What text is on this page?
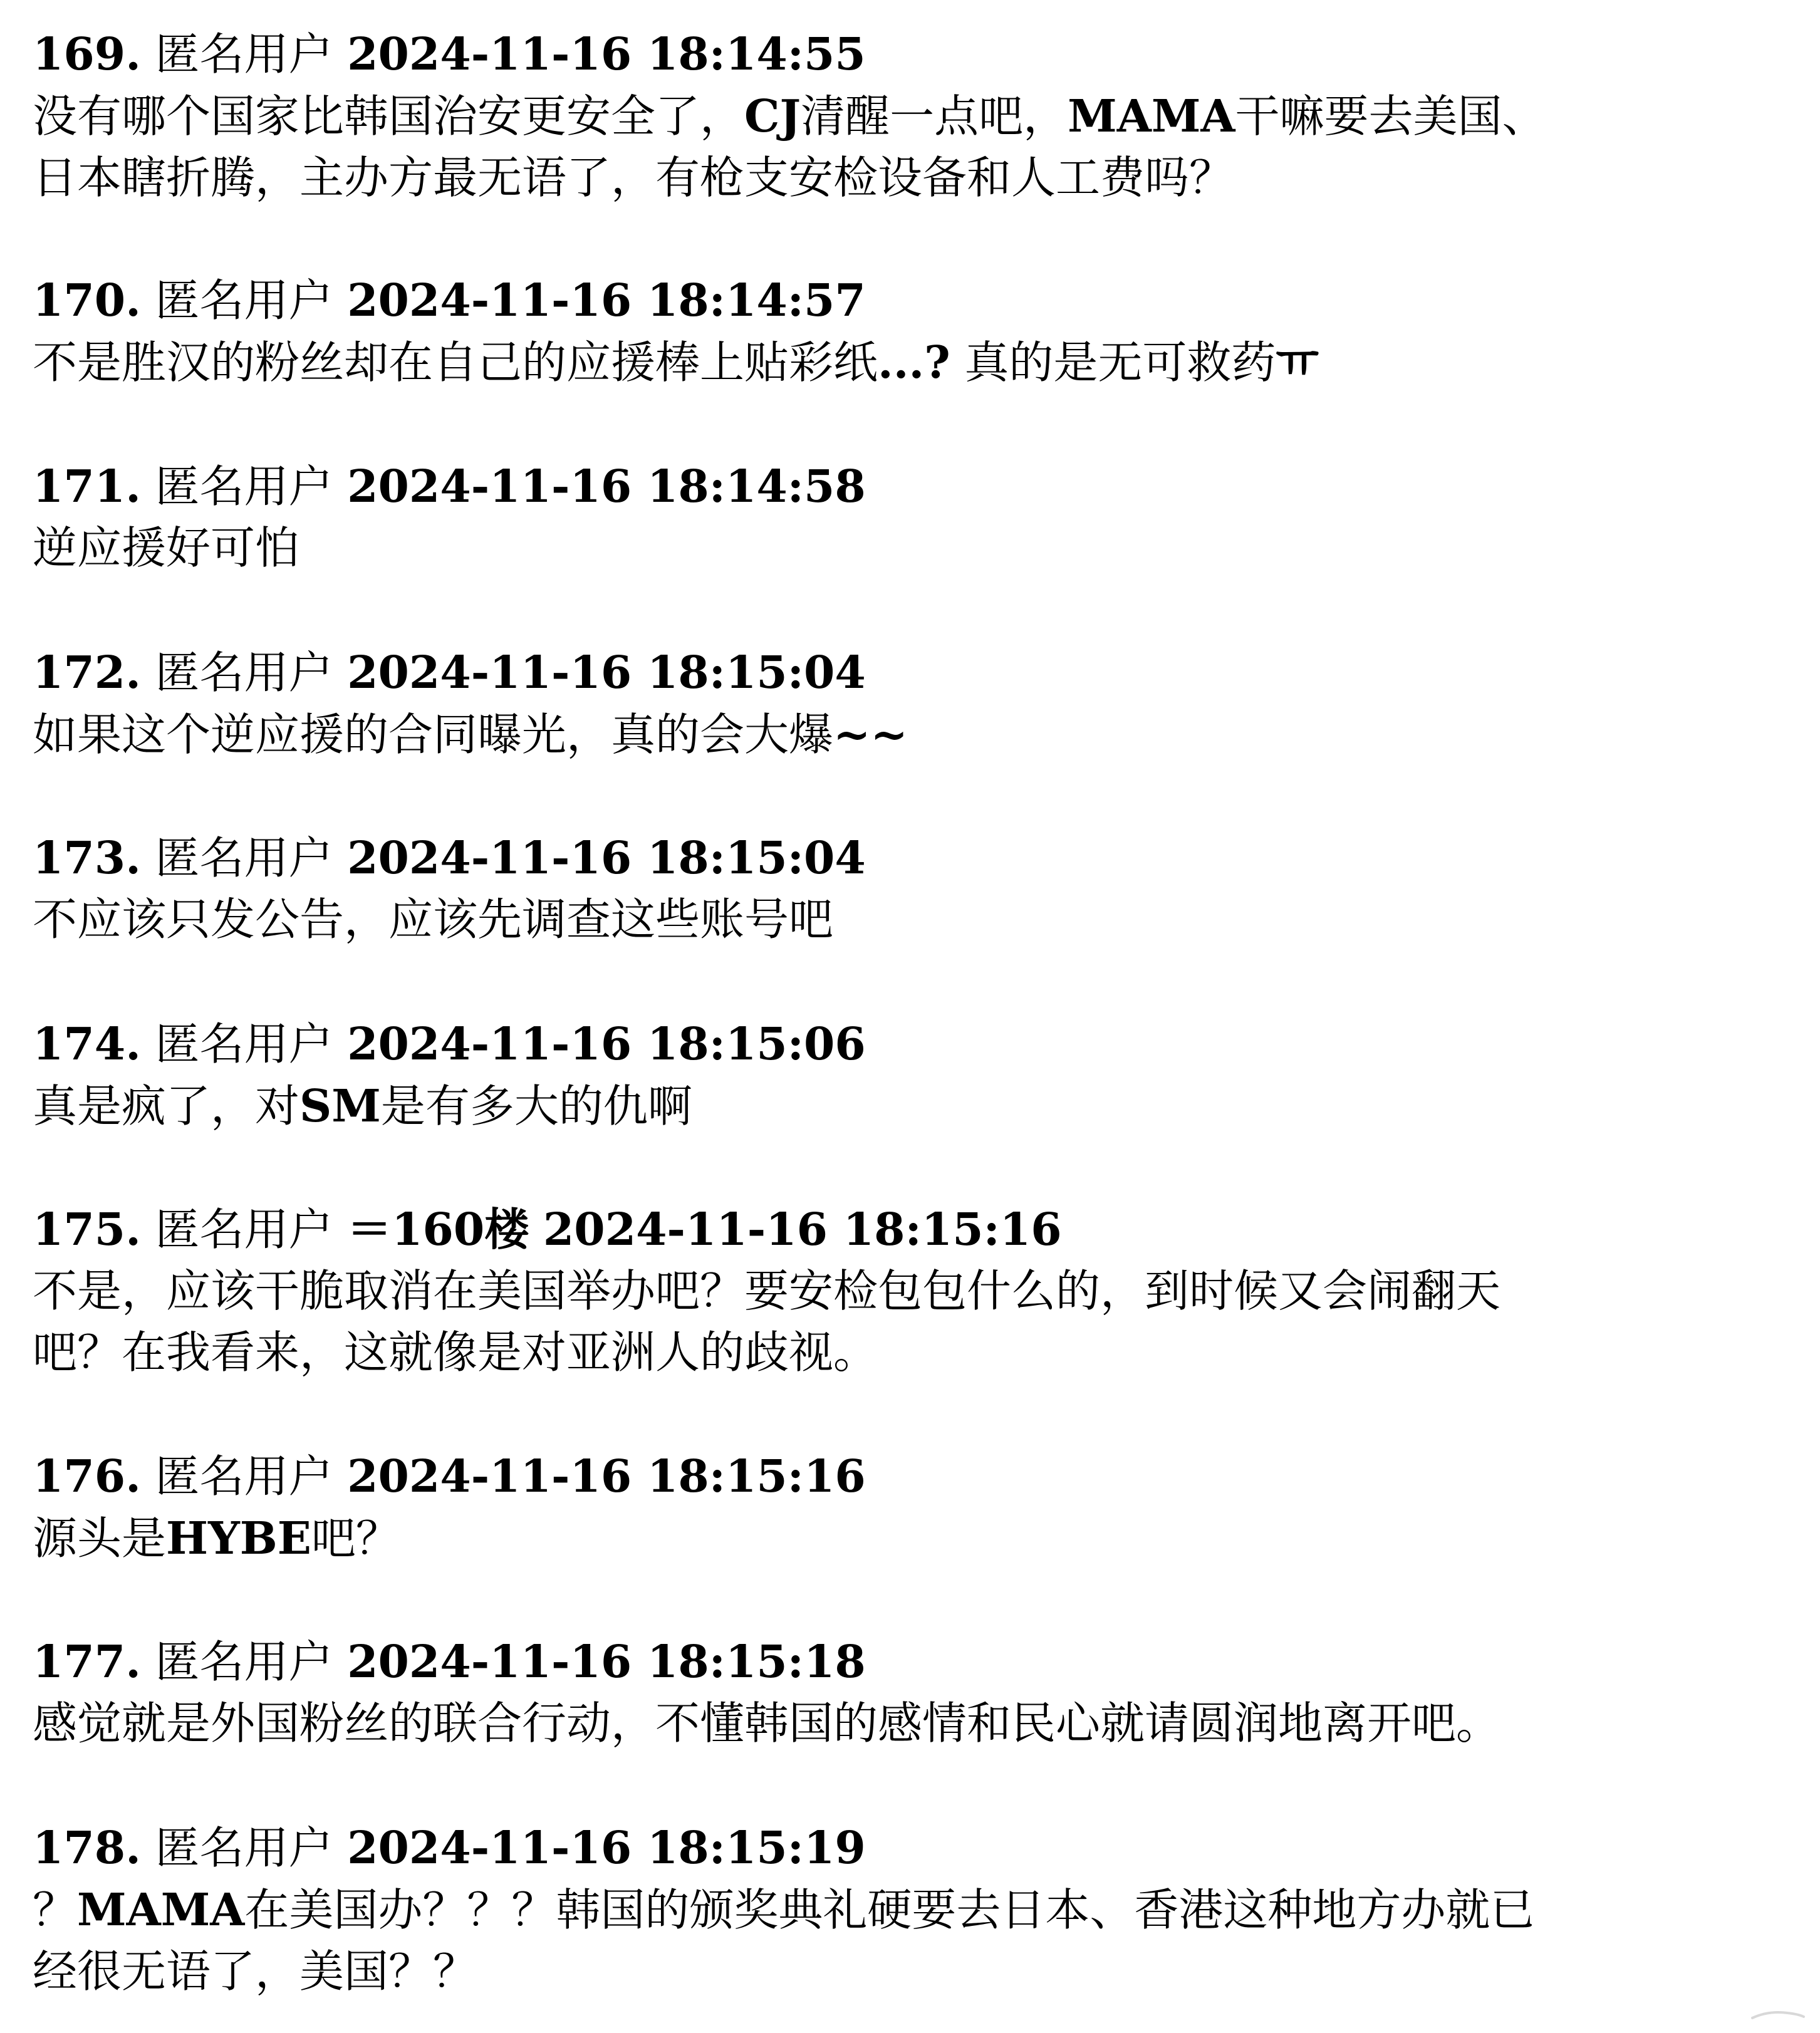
169. 匿名用户 2024-11-16 18:14:55
没有哪个国家比韩国治安更安全了，CJ清醒一点吧，MAMA干嘛要去美国、
日本瞎折腾，主办方最无语了，有枪支安检设备和人工费吗？
170. 匿名用户 2024-11-16 18:14:57
不是胜汉的粉丝却在自己的应援棒上贴彩纸...? 真的是无可救药ㅠ
171. 匿名用户 2024-11-16 18:14:58
逆应援好可怕
172. 匿名用户 2024-11-16 18:15:04
如果这个逆应援的合同曝光，真的会大爆~~
173. 匿名用户 2024-11-16 18:15:04
不应该只发公告，应该先调查这些账号吧
174. 匿名用户 2024-11-16 18:15:06
真是疯了，对SM是有多大的仇啊
175. 匿名用户 ＝160楼 2024-11-16 18:15:16
不是，应该干脆取消在美国举办吧？要安检包包什么的，到时候又会闹翻天
吧？在我看来，这就像是对亚洲人的歧视。
176. 匿名用户 2024-11-16 18:15:16
源头是HYBE吧？
177. 匿名用户 2024-11-16 18:15:18
感觉就是外国粉丝的联合行动，不懂韩国的感情和民心就请圆润地离开吧。
178. 匿名用户 2024-11-16 18:15:19
？MAMA在美国办？？？韩国的颁奖典礼硬要去日本、香港这种地方办就已
经很无语了，美国？？
